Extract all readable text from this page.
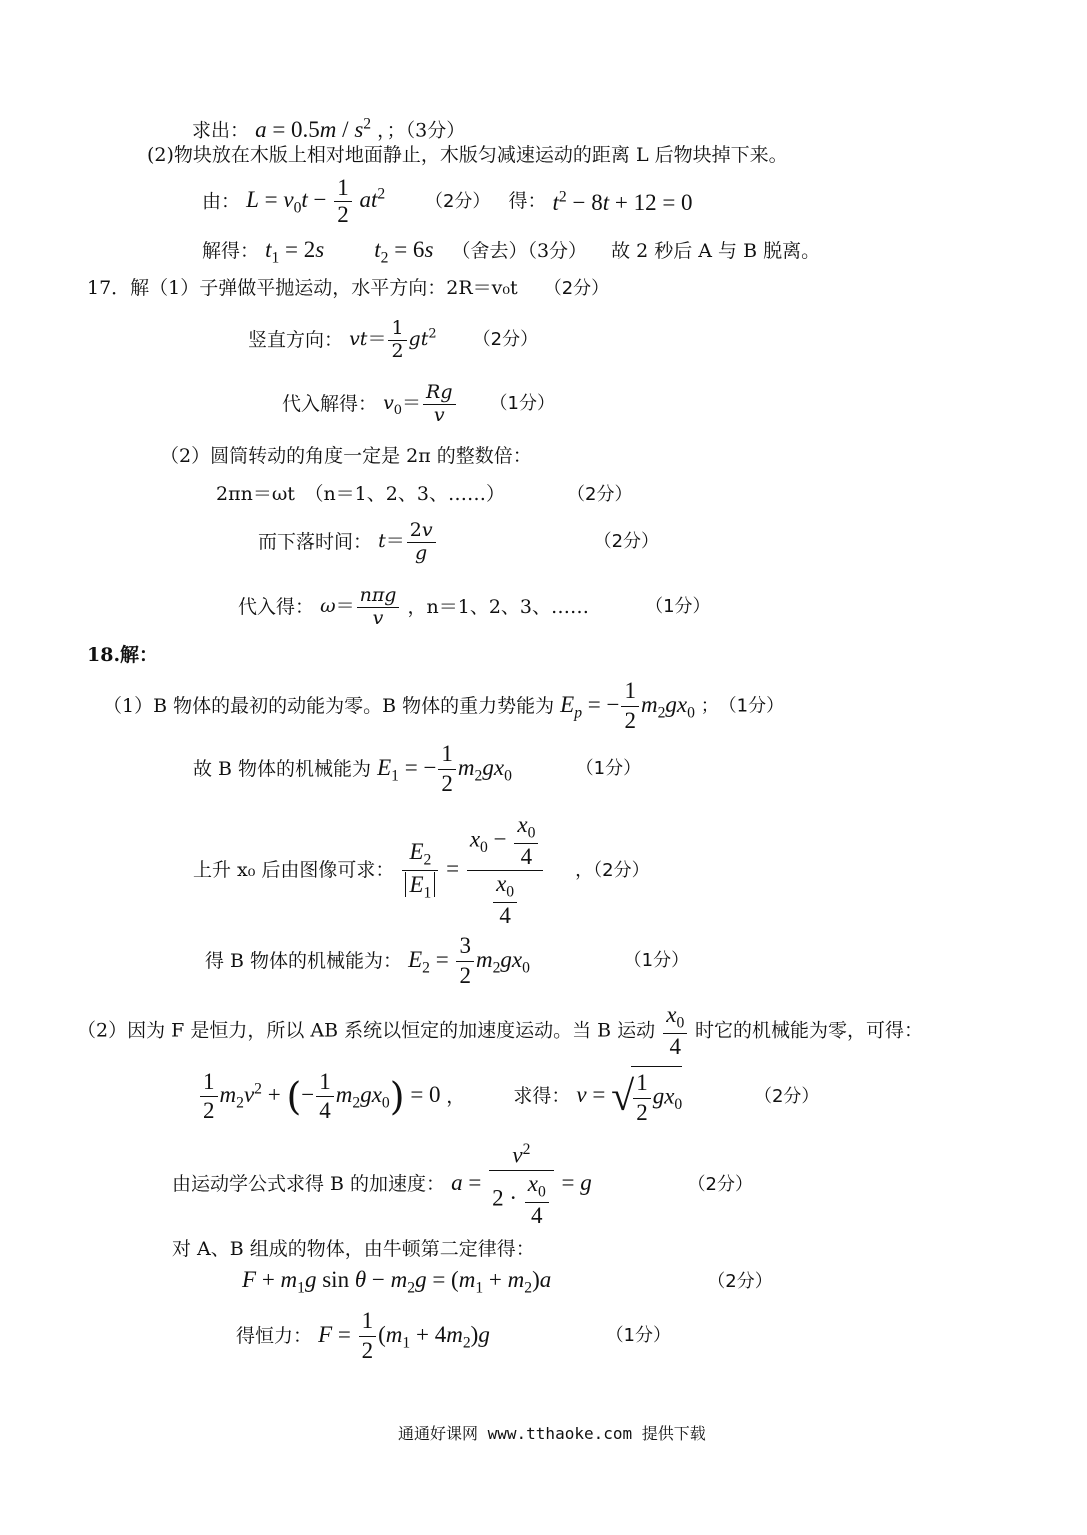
求出： $a = 0.5m / s^2$ ，；（3分）
(2)物块放在木版上相对地面静止，木版匀减速运动的距离 L 后物块掉下来。
由： $L = v_0t - \frac{1}{2} at^2$ （2分） 得： $t^2 - 8t + 12 = 0$
解得： $t_1 = 2s$ $t_2 = 6s$ （舍去）（3分） 故 2 秒后 A 与 B 脱离。
17．解（1）子弹做平抛运动，水平方向：2R＝v₀t （2分）
竖直方向： $vt= \frac{1}{2} gt^2$ （2分）
代入解得： $v_0= \frac{Rg}{v} (1$分）
（2）圆筒转动的角度一定是 2π 的整数倍：
2πn＝ωt　（n＝1、2、3、……）	（2分）
而下落时间： $t= \frac{2v}{g}$	（2分）
代入得： ω＝
nπg
v	，n＝1、2、3、……	（1分）
18.解：
（1）B 物体的最初的动能为零。B 物体的重力势能为 $E_p$ = − $\frac{1}{2} m_2gx_0$ ；　（1分）
故 B 物体的机械能为 $E_1$ = − $\frac{1}{2} m_2gx_0$	（1分）
上升 x₀ 后由图像可求： $\frac{E_2}{E_1} = \frac{x_0 - \frac{x_0}{4}}{\frac{x_0}{4}}$ ，（2分）
得 B 物体的机械能为： $E_2 = \frac{3}{2} m_2gx_0$	（1分）
（2）因为 F 是恒力，所以 AB 系统以恒定的加速度运动。当 B 运动 $\frac{x_0}{4}$ 时它的机械能为零，可得：
$\frac{1}{2} m_2v^2$ + (− $\frac{1}{4} m_2gx_0) = 0$ ，	求得： v = √ $\frac{1}{2} gx_0$	（2分）
由运动学公式求得 B 的加速度： $a = \frac{v^2}{2 \cdot \frac{x_0}{4}} = g$	（2分）
对 A、B 组成的物体，由牛顿第二定律得：
$F + m_1g$ $\sin \theta - m_2g = (m_1 + m_2)a$	（2分）
得恒力： $F = \frac{1}{2} (m_1 + 4m_2)g$	（1分）
通通好课网 www.tthaoke.com 提供下载
